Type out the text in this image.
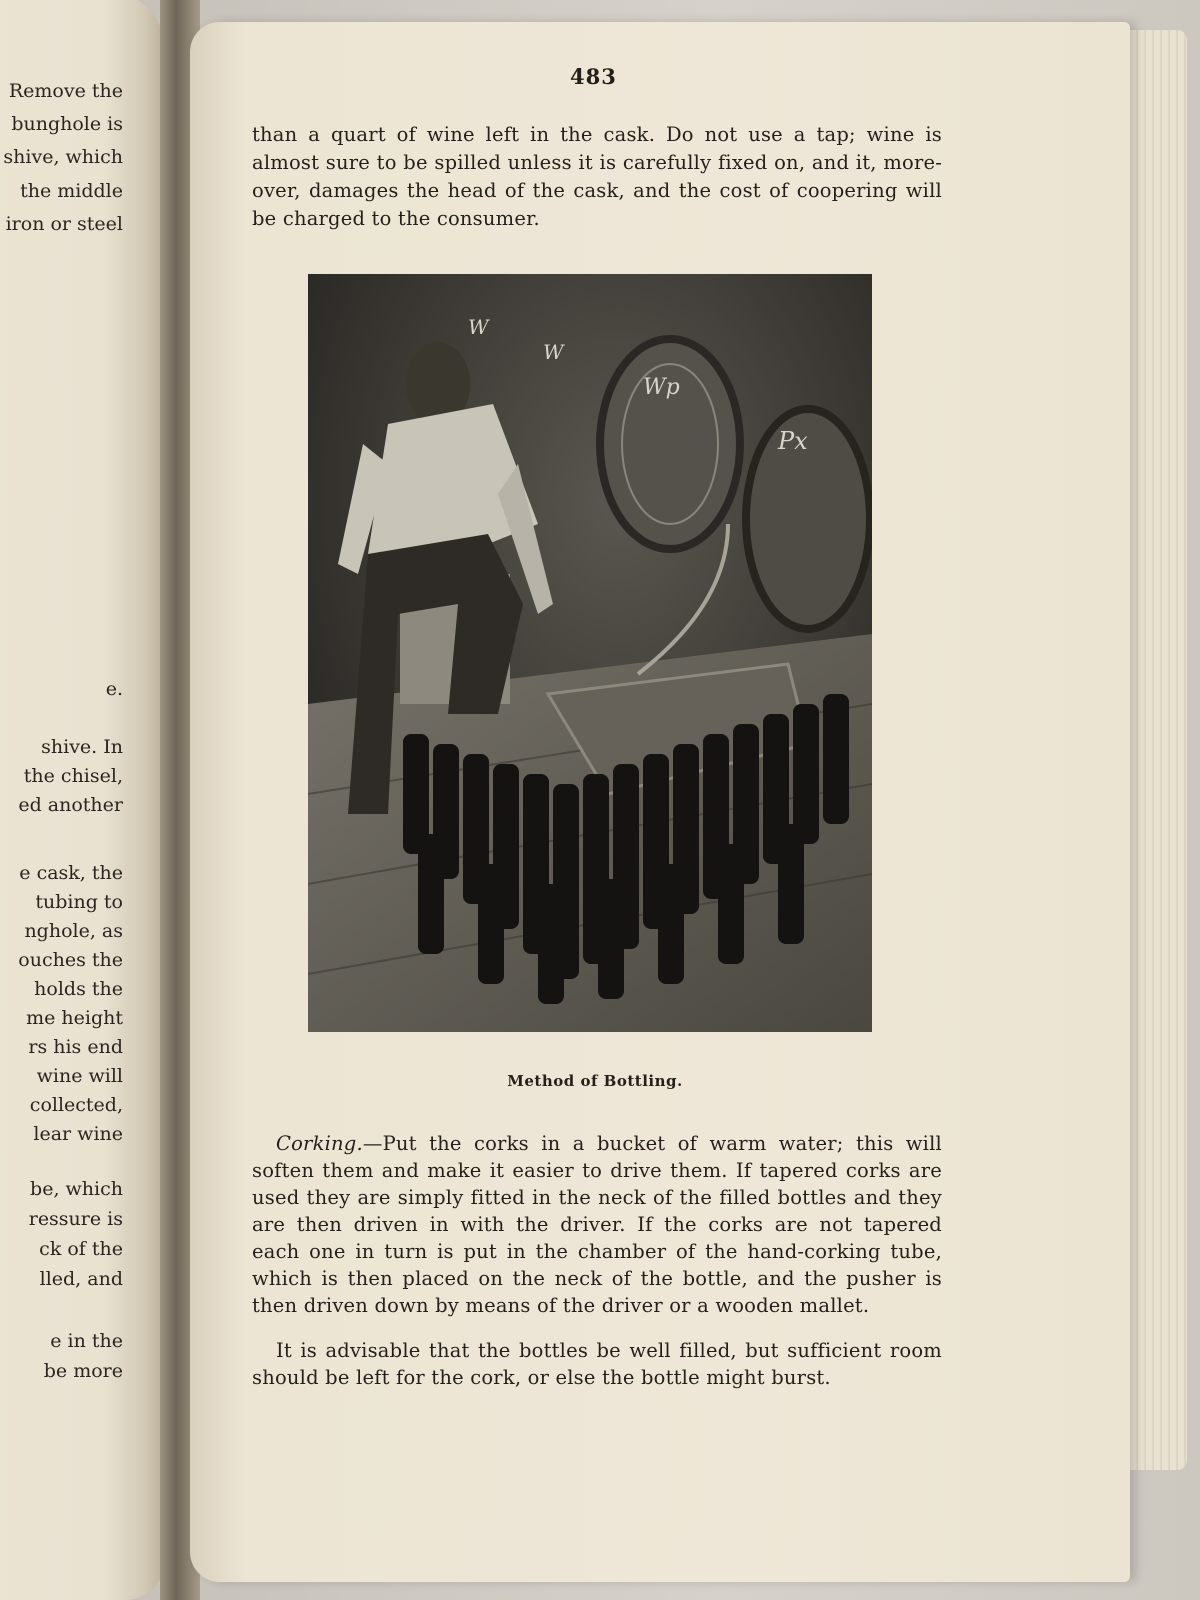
Remove the
bunghole is
shive, which
the middle
iron or steel
e.
shive. In
the chisel,
ed another
e cask, the
tubing to
nghole, as
ouches the
holds the
me height
rs his end
wine will
collected,
lear wine
be, which
ressure is
ck of the
lled, and
e in the
be more
483
than a quart of wine left in the cask. Do not use a tap; wine is
almost sure to be spilled unless it is carefully fixed on, and it, more-
over, damages the head of the cask, and the cost of coopering will
be charged to the consumer.
W
W
Wp
Px
Method of Bottling.
Corking.—Put the corks in a bucket of warm water; this will
soften them and make it easier to drive them. If tapered corks are
used they are simply fitted in the neck of the filled bottles and they
are then driven in with the driver. If the corks are not tapered
each one in turn is put in the chamber of the hand-corking tube,
which is then placed on the neck of the bottle, and the pusher is
then driven down by means of the driver or a wooden mallet.
It is advisable that the bottles be well filled, but sufficient room
should be left for the cork, or else the bottle might burst.
